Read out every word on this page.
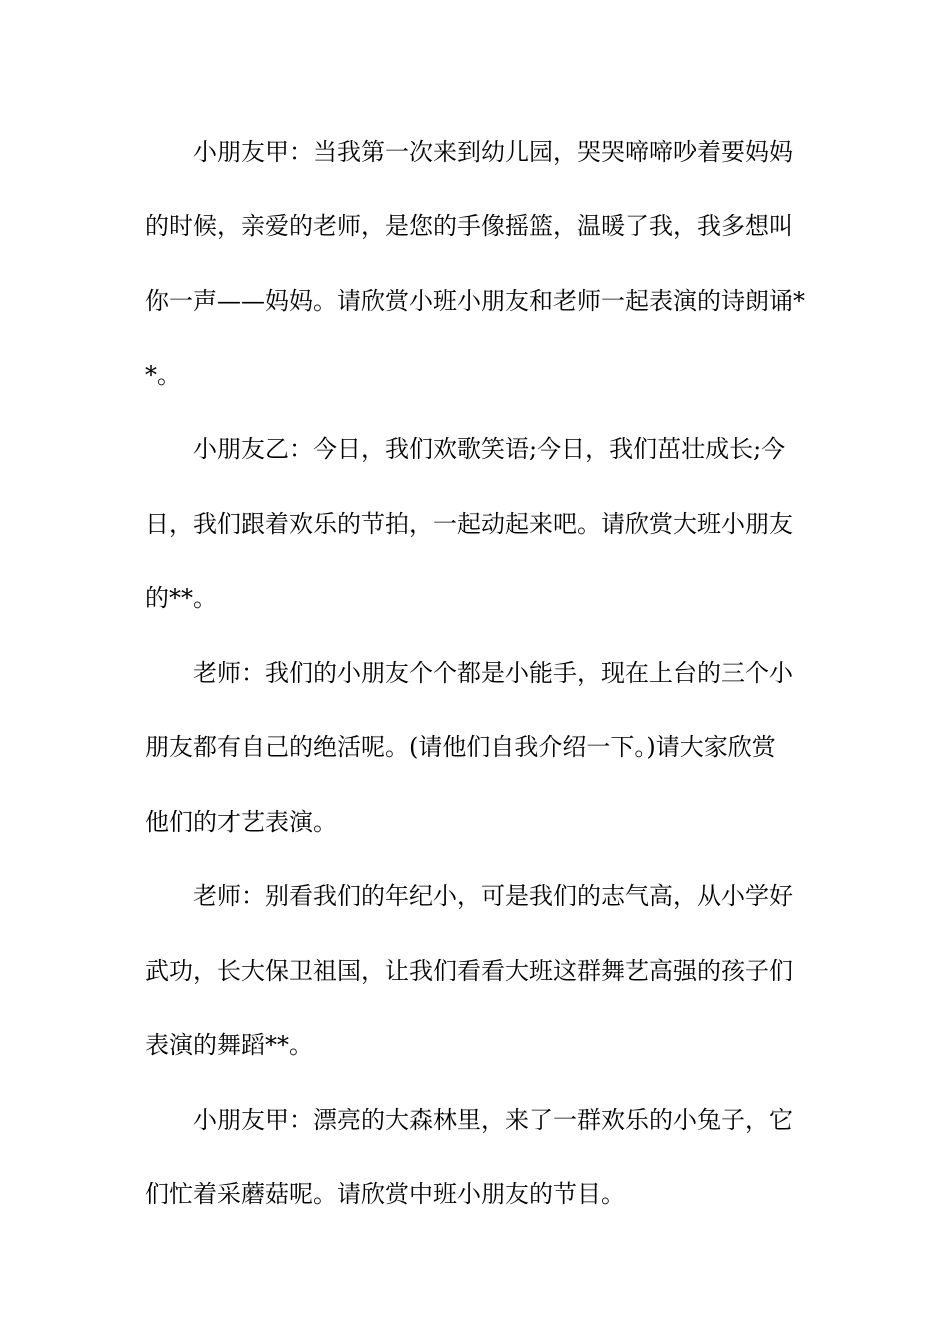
小朋友甲：当我第一次来到幼儿园，哭哭啼啼吵着要妈妈
的时候，亲爱的老师，是您的手像摇篮，温暖了我，我多想叫
你一声——妈妈。请欣赏小班小朋友和老师一起表演的诗朗诵*
*。
小朋友乙：今日，我们欢歌笑语;今日，我们茁壮成长;今
日，我们跟着欢乐的节拍，一起动起来吧。请欣赏大班小朋友
的**。
老师：我们的小朋友个个都是小能手，现在上台的三个小
朋友都有自己的绝活呢。(请他们自我介绍一下。)请大家欣赏
他们的才艺表演。
老师：别看我们的年纪小，可是我们的志气高，从小学好
武功，长大保卫祖国，让我们看看大班这群舞艺高强的孩子们
表演的舞蹈**。
小朋友甲：漂亮的大森林里，来了一群欢乐的小兔子，它
们忙着采蘑菇呢。请欣赏中班小朋友的节目。
